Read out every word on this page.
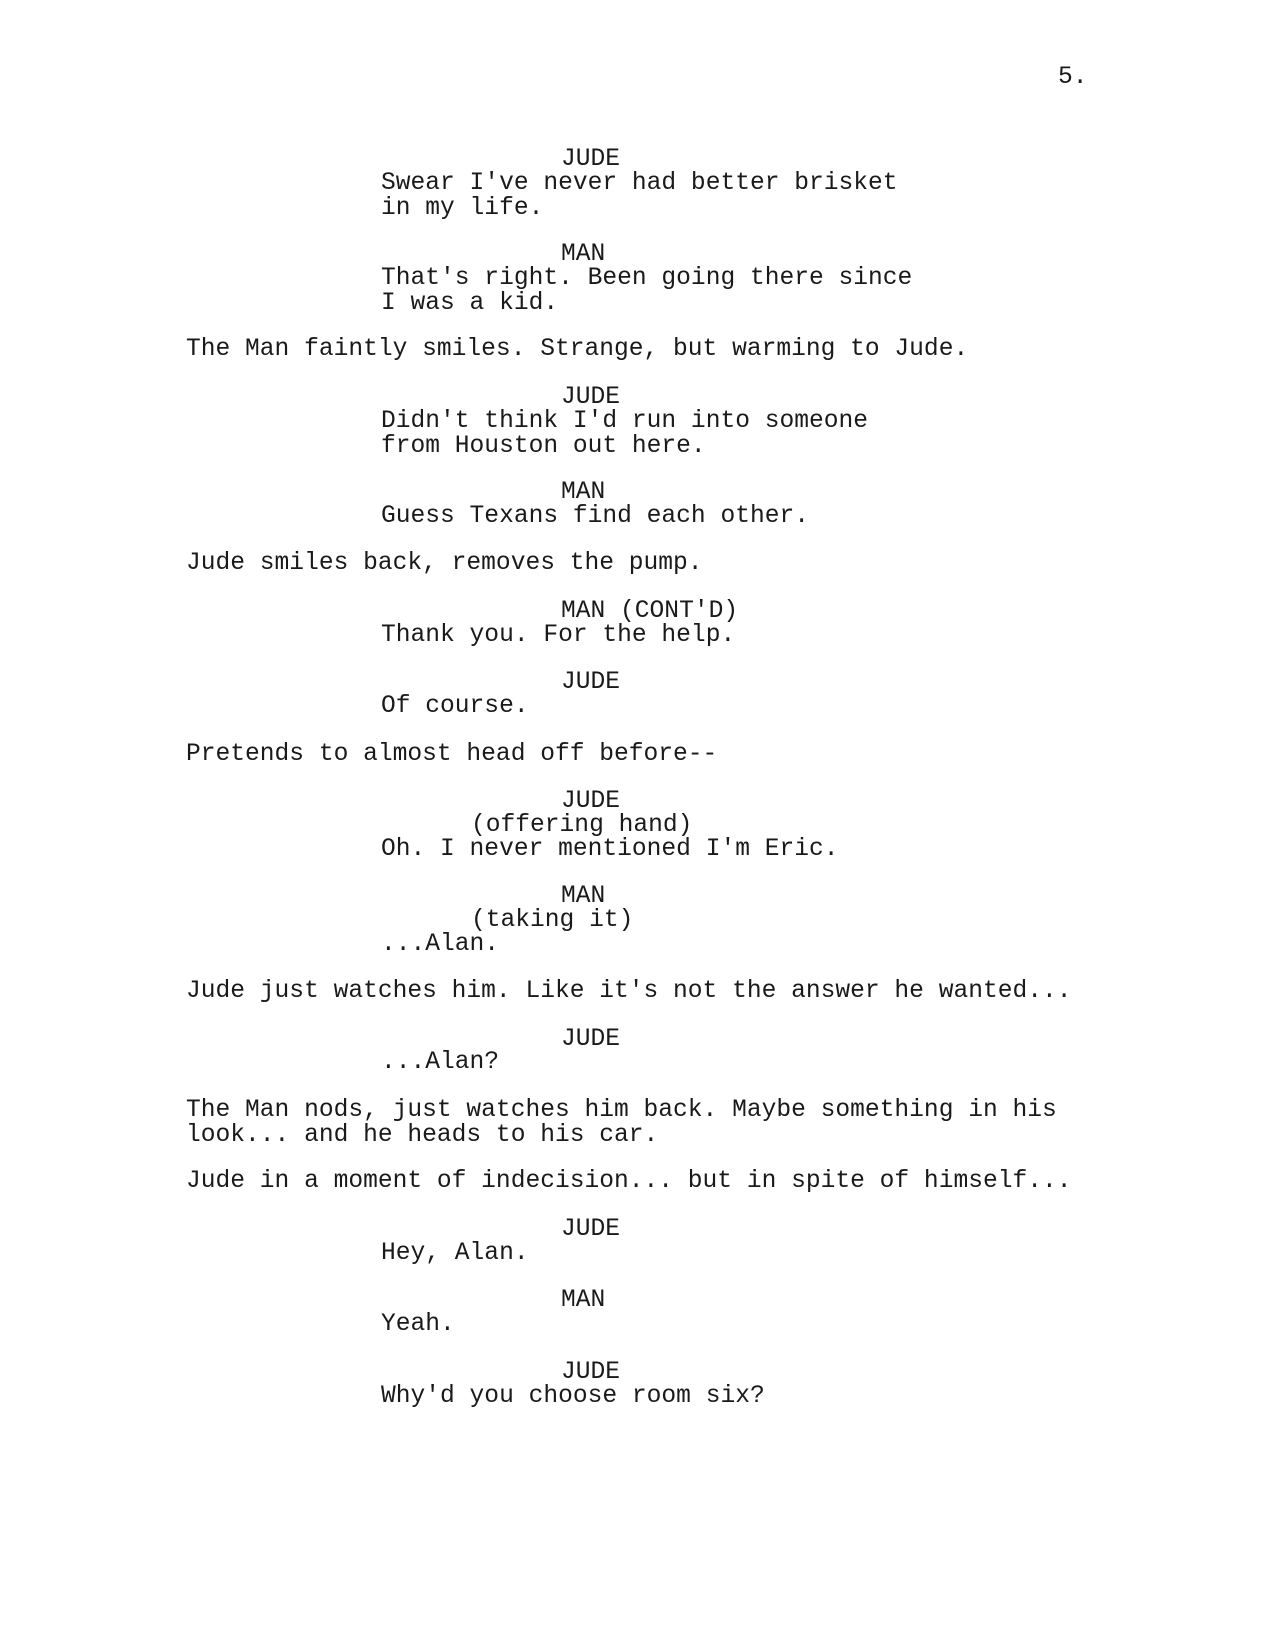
5.
JUDE
Swear I've never had better brisket
in my life.
MAN
That's right. Been going there since
I was a kid.
The Man faintly smiles. Strange, but warming to Jude.
JUDE
Didn't think I'd run into someone
from Houston out here.
MAN
Guess Texans find each other.
Jude smiles back, removes the pump.
MAN (CONT'D)
Thank you. For the help.
JUDE
Of course.
Pretends to almost head off before--
JUDE
(offering hand)
Oh. I never mentioned I'm Eric.
MAN
(taking it)
...Alan.
Jude just watches him. Like it's not the answer he wanted...
JUDE
...Alan?
The Man nods, just watches him back. Maybe something in his
look... and he heads to his car.
Jude in a moment of indecision... but in spite of himself...
JUDE
Hey, Alan.
MAN
Yeah.
JUDE
Why'd you choose room six?
